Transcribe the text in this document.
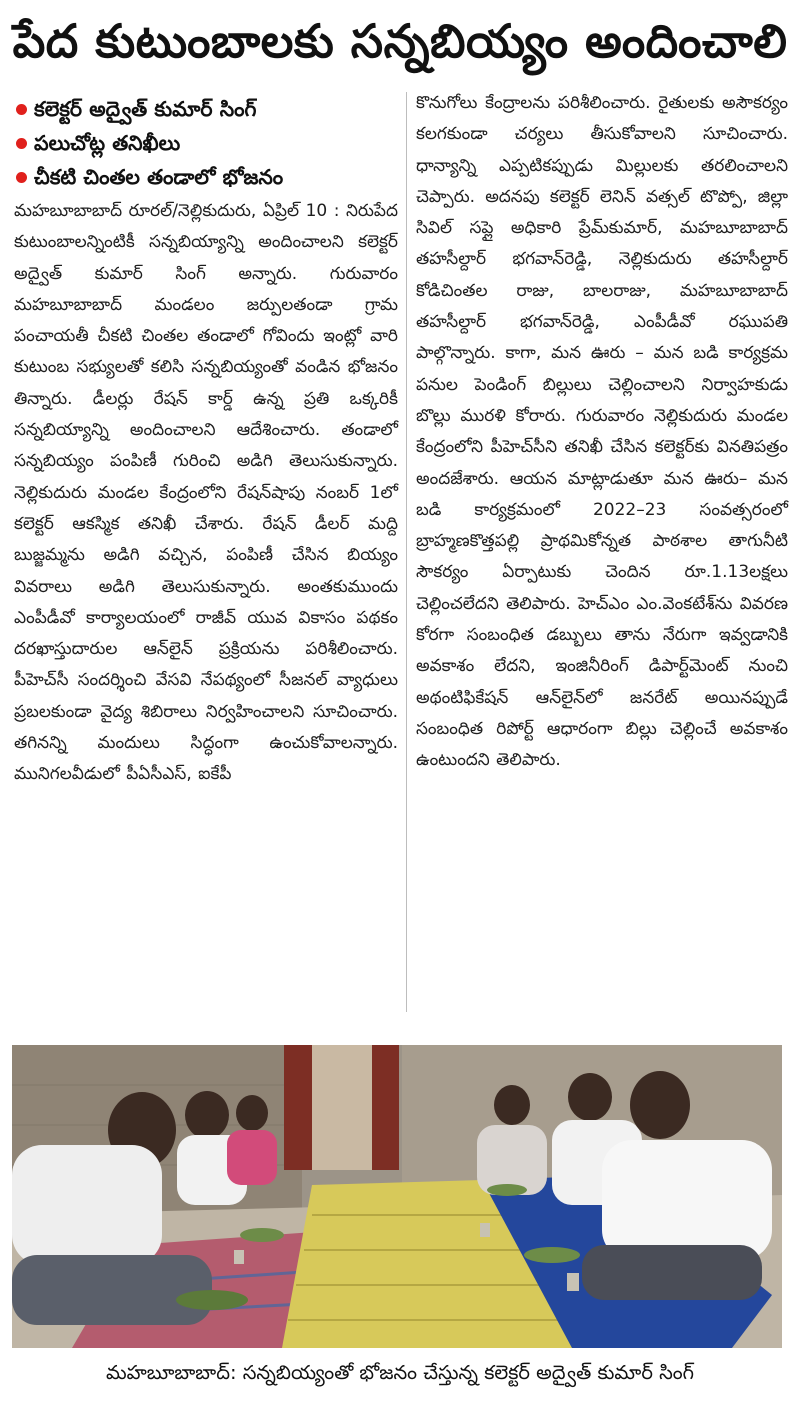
పేద కుటుంబాలకు సన్నబియ్యం అందించాలి
కలెక్టర్ అద్వైత్ కుమార్ సింగ్
పలుచోట్ల తనిఖీలు
చీకటి చింతల తండాలో భోజనం

మహబూబాబాద్ రూరల్/నెల్లికుదురు, ఏప్రిల్ 10 : నిరుపేద కుటుంబాలన్నింటికీ సన్నబియ్యాన్ని అందించాలని కలెక్టర్ అద్వైత్ కుమార్ సింగ్ అన్నారు. గురువారం మహబూబాబాద్ మండలం జర్పులతండా గ్రామ పంచాయతీ చీకటి చింతల తండాలో గోవిందు ఇంట్లో వారి కుటుంబ సభ్యులతో కలిసి సన్నబియ్యంతో వండిన భోజనం తిన్నారు. డీలర్లు రేషన్ కార్డ్ ఉన్న ప్రతి ఒక్కరికీ సన్నబియ్యాన్ని అందించాలని ఆదేశించారు. తండాలో సన్నబియ్యం పంపిణీ గురించి అడిగి తెలుసుకున్నారు. నెల్లికుదురు మండల కేంద్రంలోని రేషన్‌షాపు నంబర్ 1లో కలెక్టర్ ఆకస్మిక తనిఖీ చేశారు. రేషన్ డీలర్ మద్ది బుజ్జమ్మను అడిగి వచ్చిన, పంపిణీ చేసిన బియ్యం వివరాలు అడిగి తెలుసుకున్నారు. అంతకుముందు ఎంపీడీవో కార్యాలయంలో రాజీవ్ యువ వికాసం పథకం దరఖాస్తుదారుల ఆన్‌లైన్ ప్రక్రియను పరిశీలించారు. పీహెచ్‌సీ సందర్శించి వేసవి నేపథ్యంలో సీజనల్ వ్యాధులు ప్రబలకుండా వైద్య శిబిరాలు నిర్వహించాలని సూచించారు. తగినన్ని మందులు సిద్ధంగా ఉంచుకోవాలన్నారు. మునిగలవీడులో పీఏసీఎస్, ఐకేపీ

కొనుగోలు కేంద్రాలను పరిశీలించారు. రైతులకు అసౌకర్యం కలగకుండా చర్యలు తీసుకోవాలని సూచించారు. ధాన్యాన్ని ఎప్పటికప్పుడు మిల్లులకు తరలించాలని చెప్పారు. అదనపు కలెక్టర్ లెనిన్ వత్సల్ టొప్పో, జిల్లా సివిల్ సప్లై అధికారి ప్రేమ్‌కుమార్, మహబూబాబాద్ తహసీల్దార్ భగవాన్‌రెడ్డి, నెల్లికుదురు తహసీల్దార్ కోడిచింతల రాజు, బాలరాజు, మహబూబాబాద్ తహసీల్దార్ భగవాన్‌రెడ్డి, ఎంపీడీవో రఘుపతి పాల్గొన్నారు. కాగా, మన ఊరు – మన బడి కార్యక్రమ పనుల పెండింగ్ బిల్లులు చెల్లించాలని నిర్వాహకుడు బొల్లు మురళి కోరారు. గురువారం నెల్లికుదురు మండల కేంద్రంలోని పీహెచ్‌సీని తనిఖీ చేసిన కలెక్టర్‌కు వినతిపత్రం అందజేశారు. ఆయన మాట్లాడుతూ మన ఊరు– మన బడి కార్యక్రమంలో 2022–23 సంవత్సరంలో బ్రాహ్మణకొత్తపల్లి ప్రాథమికోన్నత పాఠశాల తాగునీటి సౌకర్యం ఏర్పాటుకు చెందిన రూ.1.13లక్షలు చెల్లించలేదని తెలిపారు. హెచ్‌ఎం ఎం.వెంకటేశ్‌ను వివరణ కోరగా సంబంధిత డబ్బులు తాను నేరుగా ఇవ్వడానికి అవకాశం లేదని, ఇంజినీరింగ్ డిపార్ట్‌మెంట్ నుంచి అథంటిఫికేషన్ ఆన్‌లైన్‌లో జనరేట్ అయినప్పుడే సంబంధిత రిపోర్ట్ ఆధారంగా బిల్లు చెల్లించే అవకాశం ఉంటుందని తెలిపారు.

మహబూబాబాద్: సన్నబియ్యంతో భోజనం చేస్తున్న కలెక్టర్ అద్వైత్ కుమార్ సింగ్
